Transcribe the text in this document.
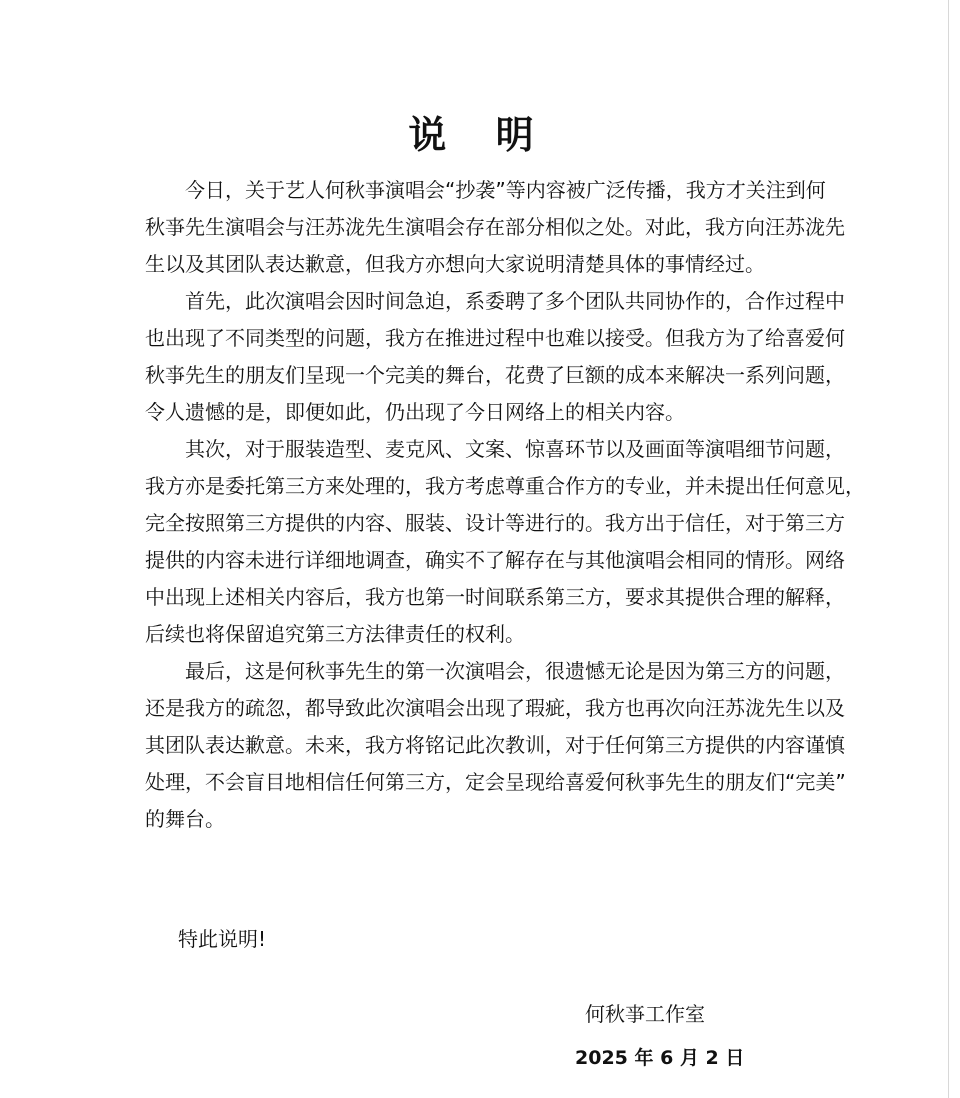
说 明
今日，关于艺人何秋亊演唱会“抄袭”等内容被广泛传播，我方才关注到何
秋亊先生演唱会与汪苏泷先生演唱会存在部分相似之处。对此，我方向汪苏泷先
生以及其团队表达歉意，但我方亦想向大家说明清楚具体的事情经过。
首先，此次演唱会因时间急迫，系委聘了多个团队共同协作的，合作过程中
也出现了不同类型的问题，我方在推进过程中也难以接受。但我方为了给喜爱何
秋亊先生的朋友们呈现一个完美的舞台，花费了巨额的成本来解决一系列问题，
令人遗憾的是，即便如此，仍出现了今日网络上的相关内容。
其次，对于服装造型、麦克风、文案、惊喜环节以及画面等演唱细节问题，
我方亦是委托第三方来处理的，我方考虑尊重合作方的专业，并未提出任何意见，
完全按照第三方提供的内容、服装、设计等进行的。我方出于信任，对于第三方
提供的内容未进行详细地调查，确实不了解存在与其他演唱会相同的情形。网络
中出现上述相关内容后，我方也第一时间联系第三方，要求其提供合理的解释，
后续也将保留追究第三方法律责任的权利。
最后，这是何秋亊先生的第一次演唱会，很遗憾无论是因为第三方的问题，
还是我方的疏忽，都导致此次演唱会出现了瑕疵，我方也再次向汪苏泷先生以及
其团队表达歉意。未来，我方将铭记此次教训，对于任何第三方提供的内容谨慎
处理，不会盲目地相信任何第三方，定会呈现给喜爱何秋亊先生的朋友们“完美”
的舞台。
特此说明!
何秋亊工作室
2025 年 6 月 2 日
